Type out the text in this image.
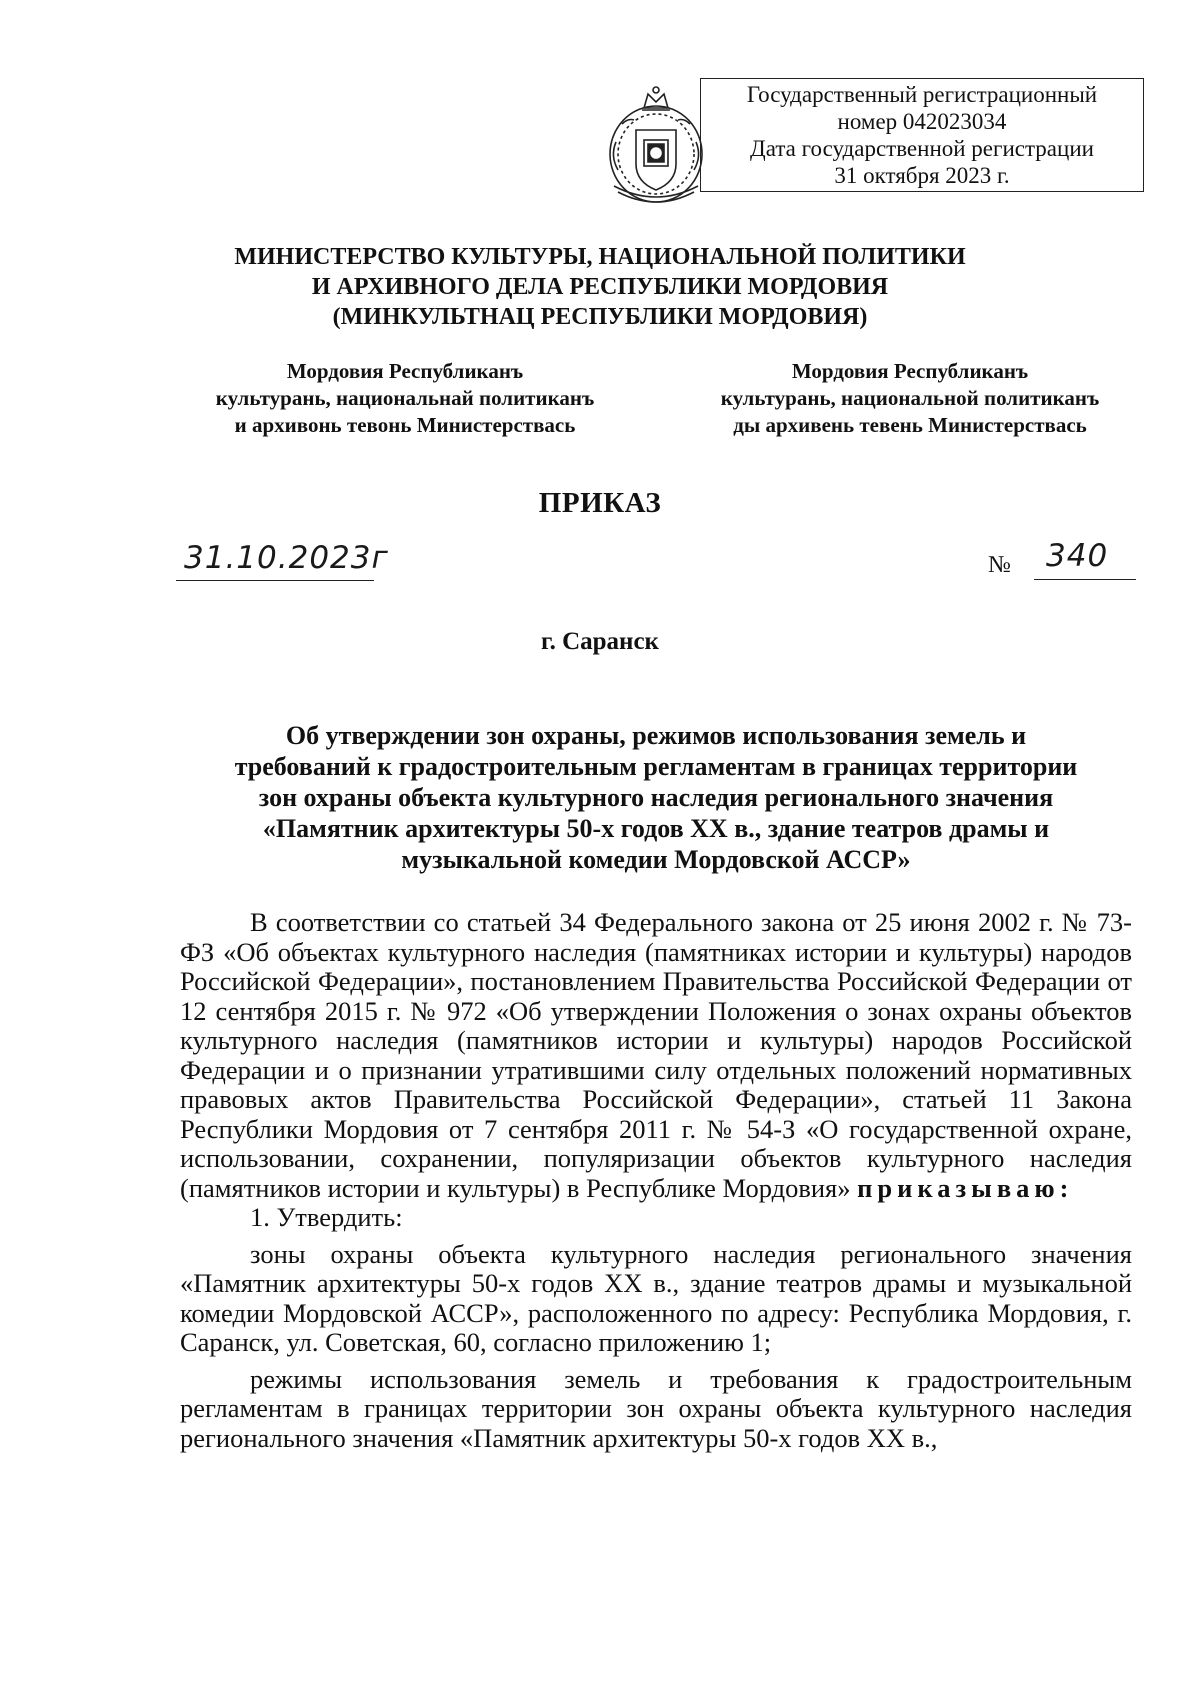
Государственный регистрационный
номер 042023034
Дата государственной регистрации
31 октября 2023 г.
МИНИСТЕРСТВО КУЛЬТУРЫ, НАЦИОНАЛЬНОЙ ПОЛИТИКИ
И АРХИВНОГО ДЕЛА РЕСПУБЛИКИ МОРДОВИЯ
(МИНКУЛЬТНАЦ РЕСПУБЛИКИ МОРДОВИЯ)
Мордовия Республиканъ
культурань, национальнай политиканъ
и архивонь тевонь Министерствась
Мордовия Республиканъ
культурань, национальной политиканъ
ды архивень тевень Министерствась
ПРИКАЗ
31.10.2023г	№ 340
г. Саранск
Об утверждении зон охраны, режимов использования земель и
требований к градостроительным регламентам в границах территории
зон охраны объекта культурного наследия регионального значения
«Памятник архитектуры 50-х годов XX в., здание театров драмы и
музыкальной комедии Мордовской АССР»

В соответствии со статьей 34 Федерального закона от 25 июня 2002 г. № 73-ФЗ «Об объектах культурного наследия (памятниках истории и культуры) народов Российской Федерации», постановлением Правительства Российской Федерации от 12 сентября 2015 г. № 972 «Об утверждении Положения о зонах охраны объектов культурного наследия (памятников истории и культуры) народов Российской Федерации и о признании утратившими силу отдельных положений нормативных правовых актов Правительства Российской Федерации», статьей 11 Закона Республики Мордовия от 7 сентября 2011 г. № 54-З «О государственной охране, использовании, сохранении, популяризации объектов культурного наследия (памятников истории и культуры) в Республике Мордовия» приказываю:

1. Утвердить:

зоны охраны объекта культурного наследия регионального значения «Памятник архитектуры 50-х годов XX в., здание театров драмы и музыкальной комедии Мордовской АССР», расположенного по адресу: Республика Мордовия, г. Саранск, ул. Советская, 60, согласно приложению 1;

режимы использования земель и требования к градостроительным регламентам в границах территории зон охраны объекта культурного наследия регионального значения «Памятник архитектуры 50-х годов XX в.,
